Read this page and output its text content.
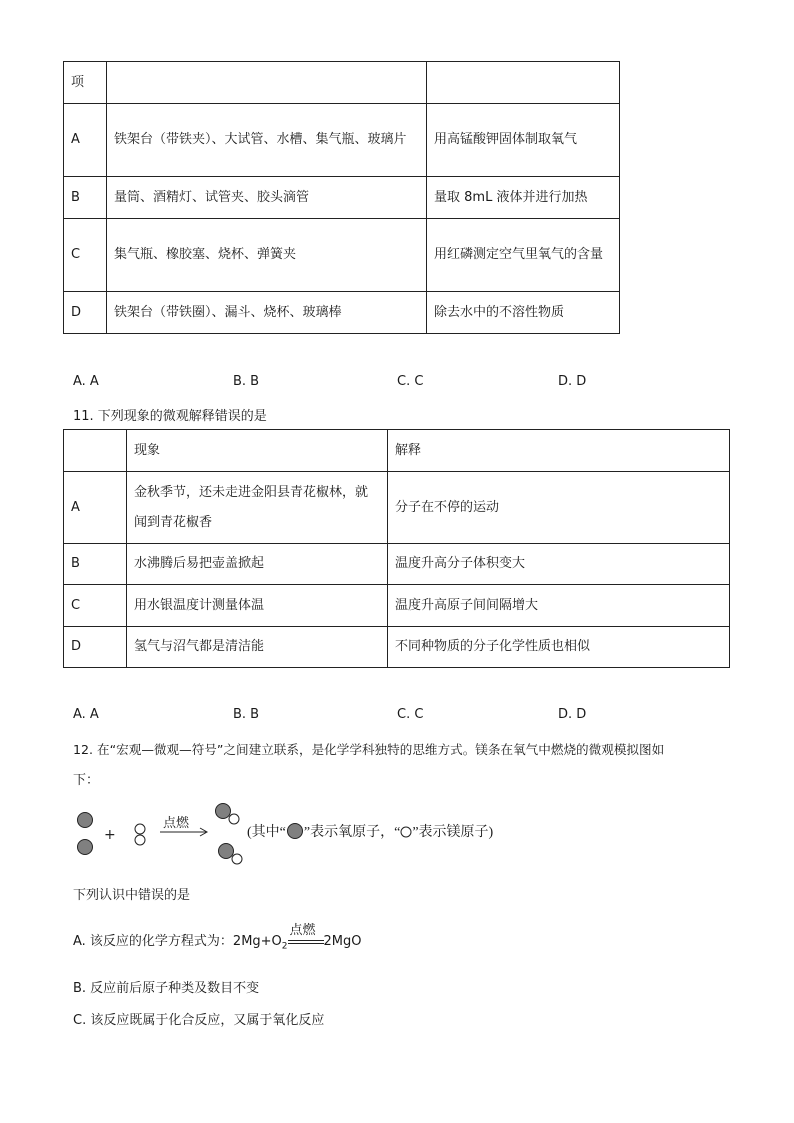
项		
A	铁架台（带铁夹）、大试管、水槽、集气瓶、玻璃片	用高锰酸钾固体制取氧气
B	量筒、酒精灯、试管夹、胶头滴管	量取 8mL 液体并进行加热
C	集气瓶、橡胶塞、烧杯、弹簧夹	用红磷测定空气里氧气的含量
D	铁架台（带铁圈）、漏斗、烧杯、玻璃棒	除去水中的不溶性物质
A. A	B. B	C. C	D. D
11. 下列现象的微观解释错误的是
	现象	解释
A	金秋季节，还未走进金阳县青花椒林，就闻到青花椒香	分子在不停的运动
B	水沸腾后易把壶盖掀起	温度升高分子体积变大
C	用水银温度计测量体温	温度升高原子间间隔增大
D	氢气与沼气都是清洁能	不同种物质的分子化学性质也相似
A. A	B. B	C. C	D. D
12. 在“宏观—微观—符号”之间建立联系，是化学学科独特的思维方式。镁条在氧气中燃烧的微观模拟图如
下：
+
点燃
(其中“ ”表示氧原子，“ ”表示镁原子)
下列认识中错误的是
A. 该反应的化学方程式为：$2Mg+O_2$
点燃
2MgO
B. 反应前后原子种类及数目不变
C. 该反应既属于化合反应，又属于氧化反应
